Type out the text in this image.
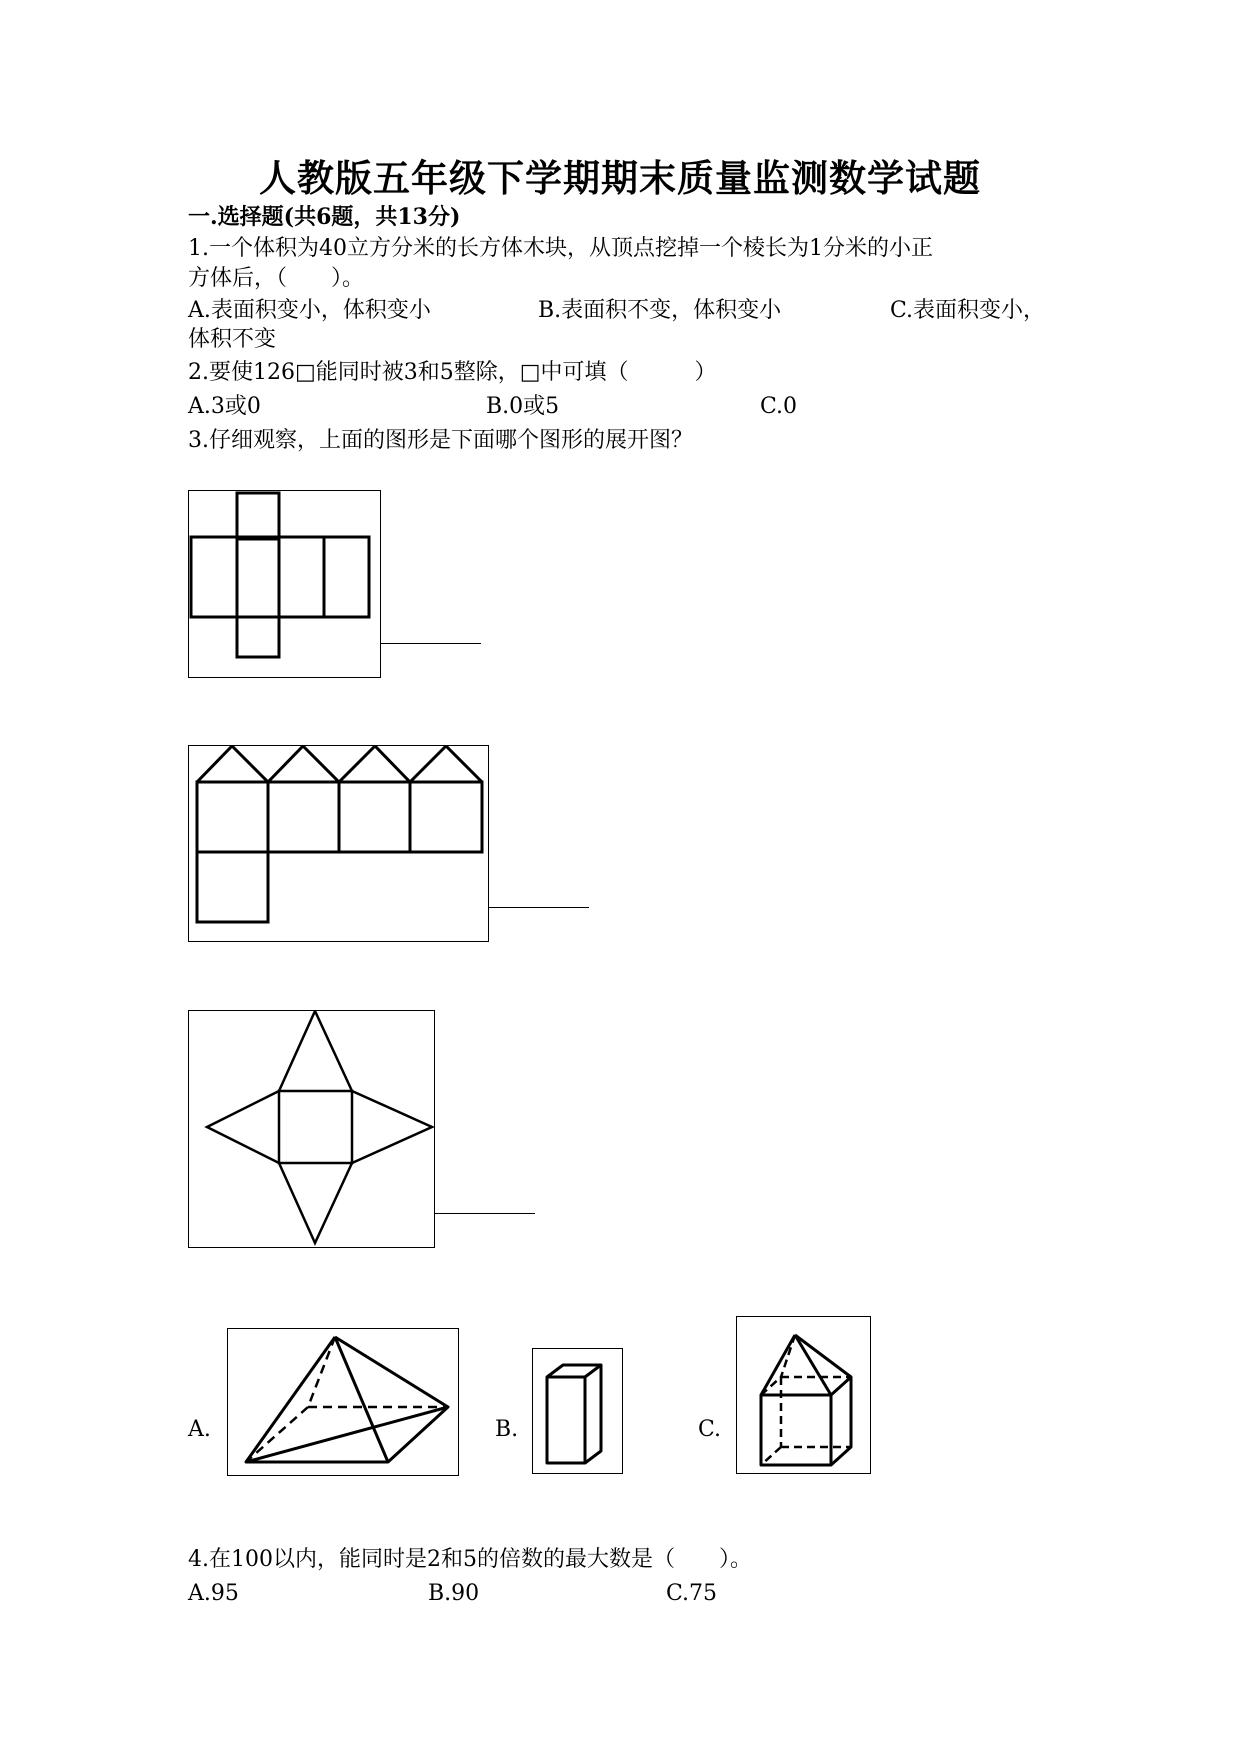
人教版五年级下学期期末质量监测数学试题
一.选择题(共6题，共13分)
1.一个体积为40立方分米的长方体木块，从顶点挖掉一个棱长为1分米的小正
方体后，（　　）。
A.表面积变小，体积变小	B.表面积不变，体积变小	C.表面积变小，
体积不变
2.要使126□能同时被3和5整除，□中可填（　　　）
A.3或0	B.0或5	C.0
3.仔细观察，上面的图形是下面哪个图形的展开图？
A.	B.	C.
4.在100以内，能同时是2和5的倍数的最大数是（　　）。
A.95	B.90	C.75
